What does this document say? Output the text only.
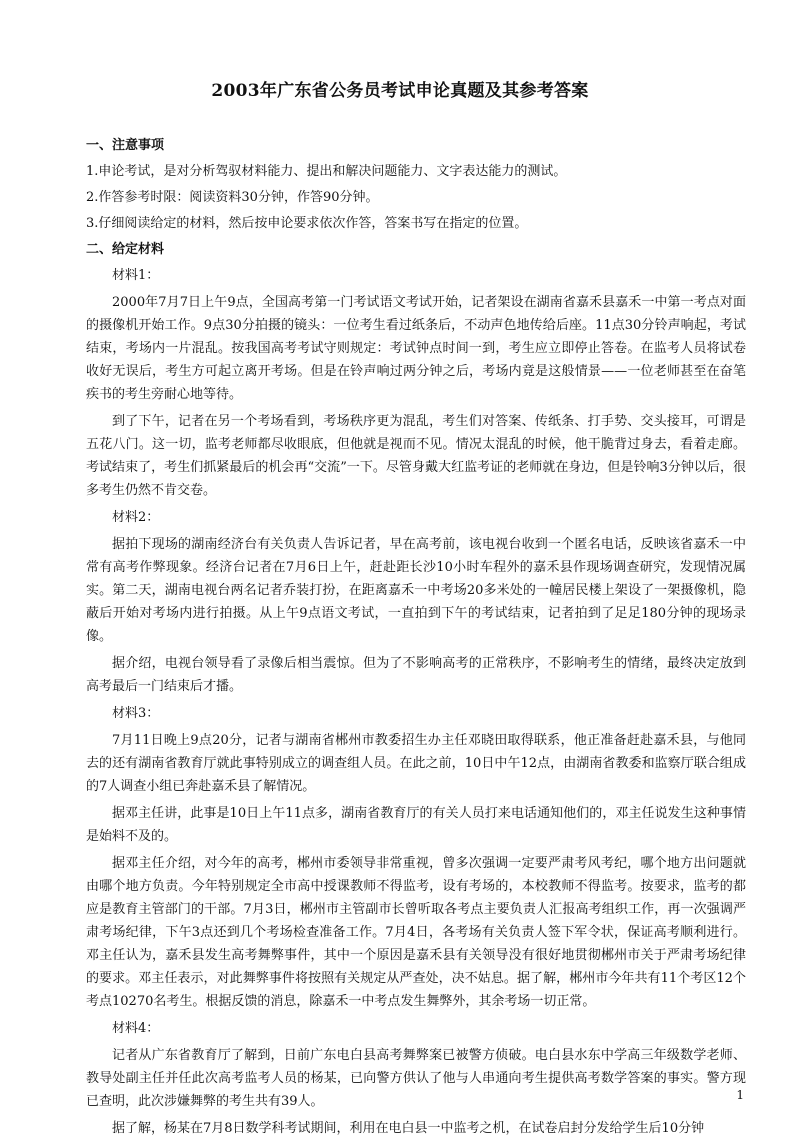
2003年广东省公务员考试申论真题及其参考答案

一、注意事项

1.申论考试，是对分析驾驭材料能力、提出和解决问题能力、文字表达能力的测试。

2.作答参考时限：阅读资料30分钟，作答90分钟。

3.仔细阅读给定的材料，然后按申论要求依次作答，答案书写在指定的位置。

二、给定材料

材料1：

2000年7月7日上午9点，全国高考第一门考试语文考试开始，记者架设在湖南省嘉禾县嘉禾一中第一考点对面的摄像机开始工作。9点30分拍摄的镜头：一位考生看过纸条后，不动声色地传给后座。11点30分铃声响起，考试结束，考场内一片混乱。按我国高考考试守则规定：考试钟点时间一到，考生应立即停止答卷。在监考人员将试卷收好无误后，考生方可起立离开考场。但是在铃声响过两分钟之后，考场内竟是这般情景——一位老师甚至在奋笔疾书的考生旁耐心地等待。

到了下午，记者在另一个考场看到，考场秩序更为混乱，考生们对答案、传纸条、打手势、交头接耳，可谓是五花八门。这一切，监考老师都尽收眼底，但他就是视而不见。情况太混乱的时候，他干脆背过身去，看着走廊。考试结束了，考生们抓紧最后的机会再“交流”一下。尽管身戴大红监考证的老师就在身边，但是铃响3分钟以后，很多考生仍然不肯交卷。

材料2：

据拍下现场的湖南经济台有关负责人告诉记者，早在高考前，该电视台收到一个匿名电话，反映该省嘉禾一中常有高考作弊现象。经济台记者在7月6日上午，赶赴距长沙10小时车程外的嘉禾县作现场调查研究，发现情况属实。第二天，湖南电视台两名记者乔装打扮，在距离嘉禾一中考场20多米处的一幢居民楼上架设了一架摄像机，隐蔽后开始对考场内进行拍摄。从上午9点语文考试，一直拍到下午的考试结束，记者拍到了足足180分钟的现场录像。

据介绍，电视台领导看了录像后相当震惊。但为了不影响高考的正常秩序，不影响考生的情绪，最终决定放到高考最后一门结束后才播。

材料3：

7月11日晚上9点20分，记者与湖南省郴州市教委招生办主任邓晓田取得联系，他正准备赶赴嘉禾县，与他同去的还有湖南省教育厅就此事特别成立的调查组人员。在此之前，10日中午12点，由湖南省教委和监察厅联合组成的7人调查小组已奔赴嘉禾县了解情况。

据邓主任讲，此事是10日上午11点多，湖南省教育厅的有关人员打来电话通知他们的，邓主任说发生这种事情是始料不及的。

据邓主任介绍，对今年的高考，郴州市委领导非常重视，曾多次强调一定要严肃考风考纪，哪个地方出问题就由哪个地方负责。今年特别规定全市高中授课教师不得监考，设有考场的，本校教师不得监考。按要求，监考的都应是教育主管部门的干部。7月3日，郴州市主管副市长曾听取各考点主要负责人汇报高考组织工作，再一次强调严肃考场纪律，下午3点还到几个考场检查准备工作。7月4日，各考场有关负责人签下军令状，保证高考顺利进行。邓主任认为，嘉禾县发生高考舞弊事件，其中一个原因是嘉禾县有关领导没有很好地贯彻郴州市关于严肃考场纪律的要求。邓主任表示，对此舞弊事件将按照有关规定从严查处，决不姑息。据了解，郴州市今年共有11个考区12个考点10270名考生。根据反馈的消息，除嘉禾一中考点发生舞弊外，其余考场一切正常。

材料4：

记者从广东省教育厅了解到，日前广东电白县高考舞弊案已被警方侦破。电白县水东中学高三年级数学老师、教导处副主任并任此次高考监考人员的杨某，已向警方供认了他与人串通向考生提供高考数学答案的事实。警方现已查明，此次涉嫌舞弊的考生共有39人。

据了解，杨某在7月8日数学科考试期间，利用在电白县一中监考之机，在试卷启封分发给学生后10分钟

1
